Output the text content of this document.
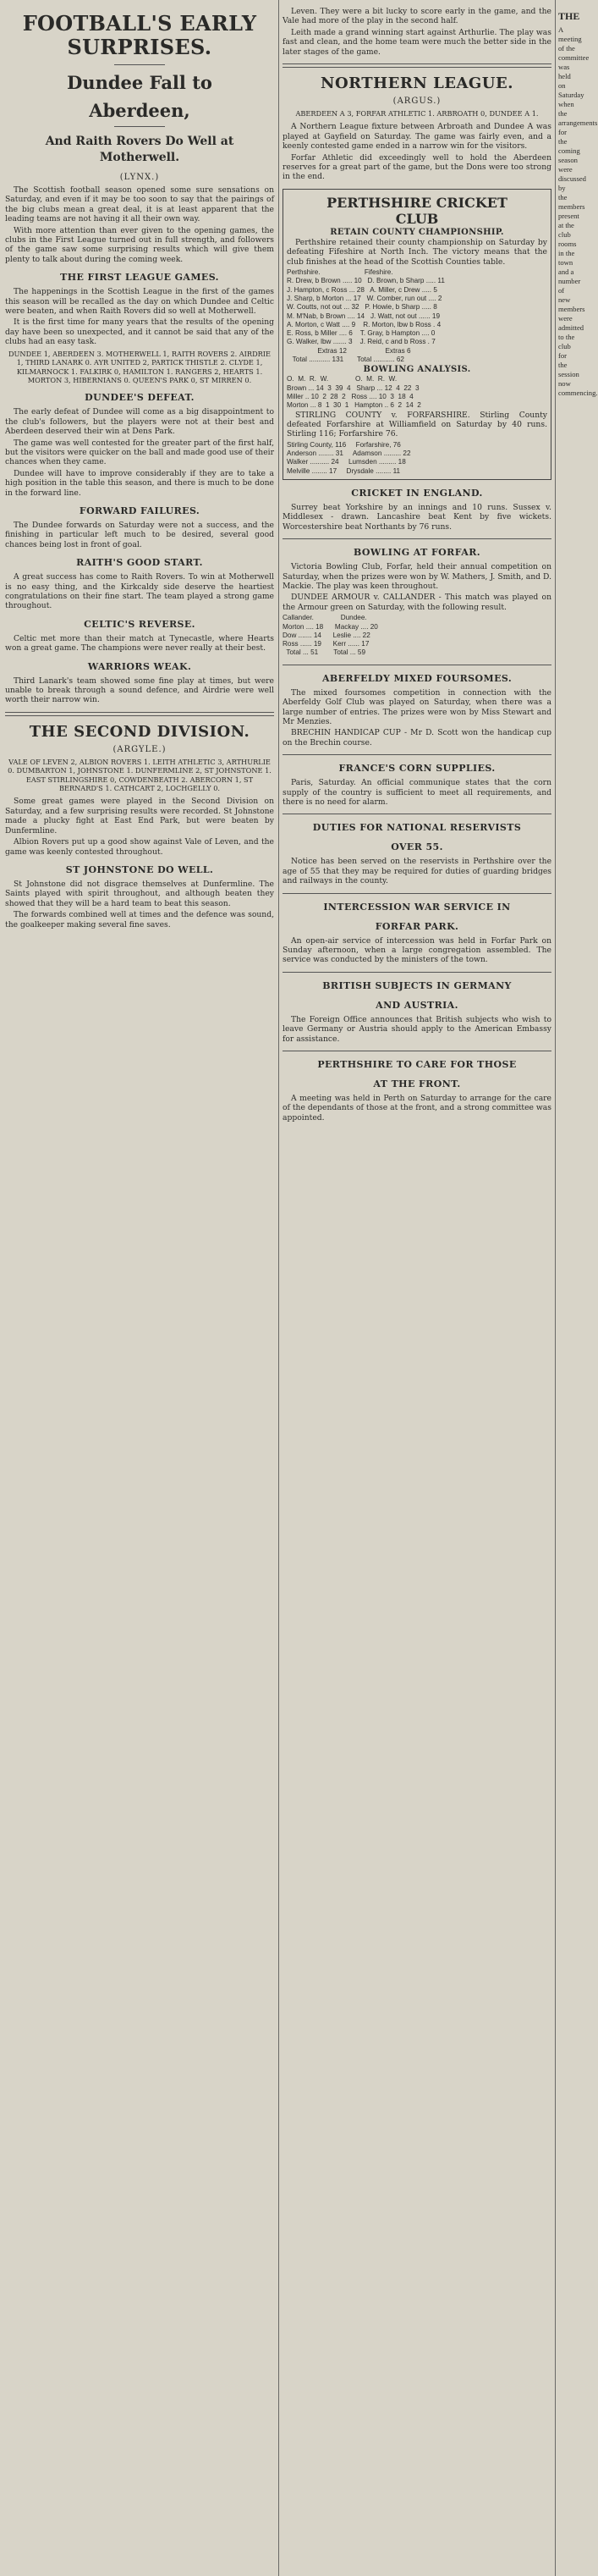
FOOTBALL'S EARLY
SURPRISES.
Dundee Fall to
Aberdeen,
And Raith Rovers Do Well at Motherwell.
(LYNX.)

The Scottish football season opened some sure sensations on Saturday, and even if it may be too soon to say that the pairings of the big clubs mean a great deal, it is at least apparent that the leading teams are not having it all their own way.

With more attention than ever given to the opening games, the clubs in the First League turned out in full strength, and followers of the game saw some surprising results which will give them plenty to talk about during the coming week.

THE FIRST LEAGUE GAMES.

The happenings in the Scottish League in the first of the games this season will be recalled as the day on which Dundee and Celtic were beaten, and when Raith Rovers did so well at Motherwell.

It is the first time for many years that the results of the opening day have been so unexpected, and it cannot be said that any of the clubs had an easy task.

DUNDEE 1, ABERDEEN 3. MOTHERWELL 1, RAITH ROVERS 2. AIRDRIE 1, THIRD LANARK 0. AYR UNITED 2, PARTICK THISTLE 2. CLYDE 1, KILMARNOCK 1. FALKIRK 0, HAMILTON 1. RANGERS 2, HEARTS 1. MORTON 3, HIBERNIANS 0. QUEEN'S PARK 0, ST MIRREN 0.
DUNDEE'S DEFEAT.

The early defeat of Dundee will come as a big disappointment to the club's followers, but the players were not at their best and Aberdeen deserved their win at Dens Park.

The game was well contested for the greater part of the first half, but the visitors were quicker on the ball and made good use of their chances when they came.

Dundee will have to improve considerably if they are to take a high position in the table this season, and there is much to be done in the forward line.

FORWARD FAILURES.

The Dundee forwards on Saturday were not a success, and the finishing in particular left much to be desired, several good chances being lost in front of goal.

RAITH'S GOOD START.

A great success has come to Raith Rovers. To win at Motherwell is no easy thing, and the Kirkcaldy side deserve the heartiest congratulations on their fine start. The team played a strong game throughout.

CELTIC'S REVERSE.

Celtic met more than their match at Tynecastle, where Hearts won a great game. The champions were never really at their best.

WARRIORS WEAK.

Third Lanark's team showed some fine play at times, but were unable to break through a sound defence, and Airdrie were well worth their narrow win.

THE SECOND DIVISION.
(ARGYLE.)
VALE OF LEVEN 2, ALBION ROVERS 1. LEITH ATHLETIC 3, ARTHURLIE 0. DUMBARTON 1, JOHNSTONE 1. DUNFERMLINE 2, ST JOHNSTONE 1. EAST STIRLINGSHIRE 0, COWDENBEATH 2. ABERCORN 1, ST BERNARD'S 1. CATHCART 2, LOCHGELLY 0.

Some great games were played in the Second Division on Saturday, and a few surprising results were recorded. St Johnstone made a plucky fight at East End Park, but were beaten by Dunfermline.

Albion Rovers put up a good show against Vale of Leven, and the game was keenly contested throughout.

ST JOHNSTONE DO WELL.

St Johnstone did not disgrace themselves at Dunfermline. The Saints played with spirit throughout, and although beaten they showed that they will be a hard team to beat this season.

The forwards combined well at times and the defence was sound, the goalkeeper making several fine saves.

Leven. They were a bit lucky to score early in the game, and the Vale had more of the play in the second half.

Leith made a grand winning start against Arthurlie. The play was fast and clean, and the home team were much the better side in the later stages of the game.

NORTHERN LEAGUE.
(ARGUS.)
ABERDEEN A 3, FORFAR ATHLETIC 1. ARBROATH 0, DUNDEE A 1.

A Northern League fixture between Arbroath and Dundee A was played at Gayfield on Saturday. The game was fairly even, and a keenly contested game ended in a narrow win for the visitors.

Forfar Athletic did exceedingly well to hold the Aberdeen reserves for a great part of the game, but the Dons were too strong in the end.

PERTHSHIRE CRICKET
CLUB
RETAIN COUNTY CHAMPIONSHIP.

Perthshire retained their county championship on Saturday by defeating Fifeshire at North Inch. The victory means that the club finishes at the head of the Scottish Counties table.

Perthshire.                       Fifeshire.
R. Drew, b Brown ..... 10   D. Brown, b Sharp ..... 11
J. Hampton, c Ross ... 28   A. Miller, c Drew ..... 5
J. Sharp, b Morton ... 17   W. Comber, run out .... 2
W. Coutts, not out ... 32   P. Howie, b Sharp ..... 8
M. M'Nab, b Brown .... 14   J. Watt, not out ...... 19
A. Morton, c Watt .... 9    R. Morton, lbw b Ross . 4
E. Ross, b Miller .... 6    T. Gray, b Hampton .... 0
G. Walker, lbw ....... 3    J. Reid, c and b Ross . 7
Extras 12                    Extras 6
Total ........... 131       Total ........... 62
BOWLING ANALYSIS.
O.  M.  R.  W.              O.  M.  R.  W.
Brown ... 14  3  39  4   Sharp ... 12  4  22  3
Miller .. 10  2  28  2   Ross .... 10  3  18  4
Morton ... 8  1  30  1   Hampton .. 6  2  14  2

STIRLING COUNTY v. FORFARSHIRE. Stirling County defeated Forfarshire at Williamfield on Saturday by 40 runs. Stirling 116; Forfarshire 76.

Stirling County, 116     Forfarshire, 76
Anderson ........ 31     Adamson ......... 22
Walker .......... 24     Lumsden ......... 18
Melville ........ 17     Drysdale ........ 11
CRICKET IN ENGLAND.

Surrey beat Yorkshire by an innings and 10 runs. Sussex v. Middlesex - drawn. Lancashire beat Kent by five wickets. Worcestershire beat Northants by 76 runs.

BOWLING AT FORFAR.

Victoria Bowling Club, Forfar, held their annual competition on Saturday, when the prizes were won by W. Mathers, J. Smith, and D. Mackie. The play was keen throughout.

DUNDEE ARMOUR v. CALLANDER - This match was played on the Armour green on Saturday, with the following result.

Callander.              Dundee.
Morton .... 18      Mackay .... 20
Dow ....... 14      Leslie .... 22
Ross ...... 19      Kerr ...... 17
Total ... 51        Total ... 59
ABERFELDY MIXED FOURSOMES.

The mixed foursomes competition in connection with the Aberfeldy Golf Club was played on Saturday, when there was a large number of entries. The prizes were won by Miss Stewart and Mr Menzies.

BRECHIN HANDICAP CUP - Mr D. Scott won the handicap cup on the Brechin course.

FRANCE'S CORN SUPPLIES.

Paris, Saturday. An official communique states that the corn supply of the country is sufficient to meet all requirements, and there is no need for alarm.

DUTIES FOR NATIONAL RESERVISTS
OVER 55.

Notice has been served on the reservists in Perthshire over the age of 55 that they may be required for duties of guarding bridges and railways in the county.

INTERCESSION WAR SERVICE IN
FORFAR PARK.

An open-air service of intercession was held in Forfar Park on Sunday afternoon, when a large congregation assembled. The service was conducted by the ministers of the town.

BRITISH SUBJECTS IN GERMANY
AND AUSTRIA.

The Foreign Office announces that British subjects who wish to leave Germany or Austria should apply to the American Embassy for assistance.

PERTHSHIRE TO CARE FOR THOSE
AT THE FRONT.

A meeting was held in Perth on Saturday to arrange for the care of the dependants of those at the front, and a strong committee was appointed.

THE
A meeting of the committee was held on Saturday when the arrangements for the coming season were discussed by the members present at the club rooms in the town and a number of new members were admitted to the club for the session now commencing.
